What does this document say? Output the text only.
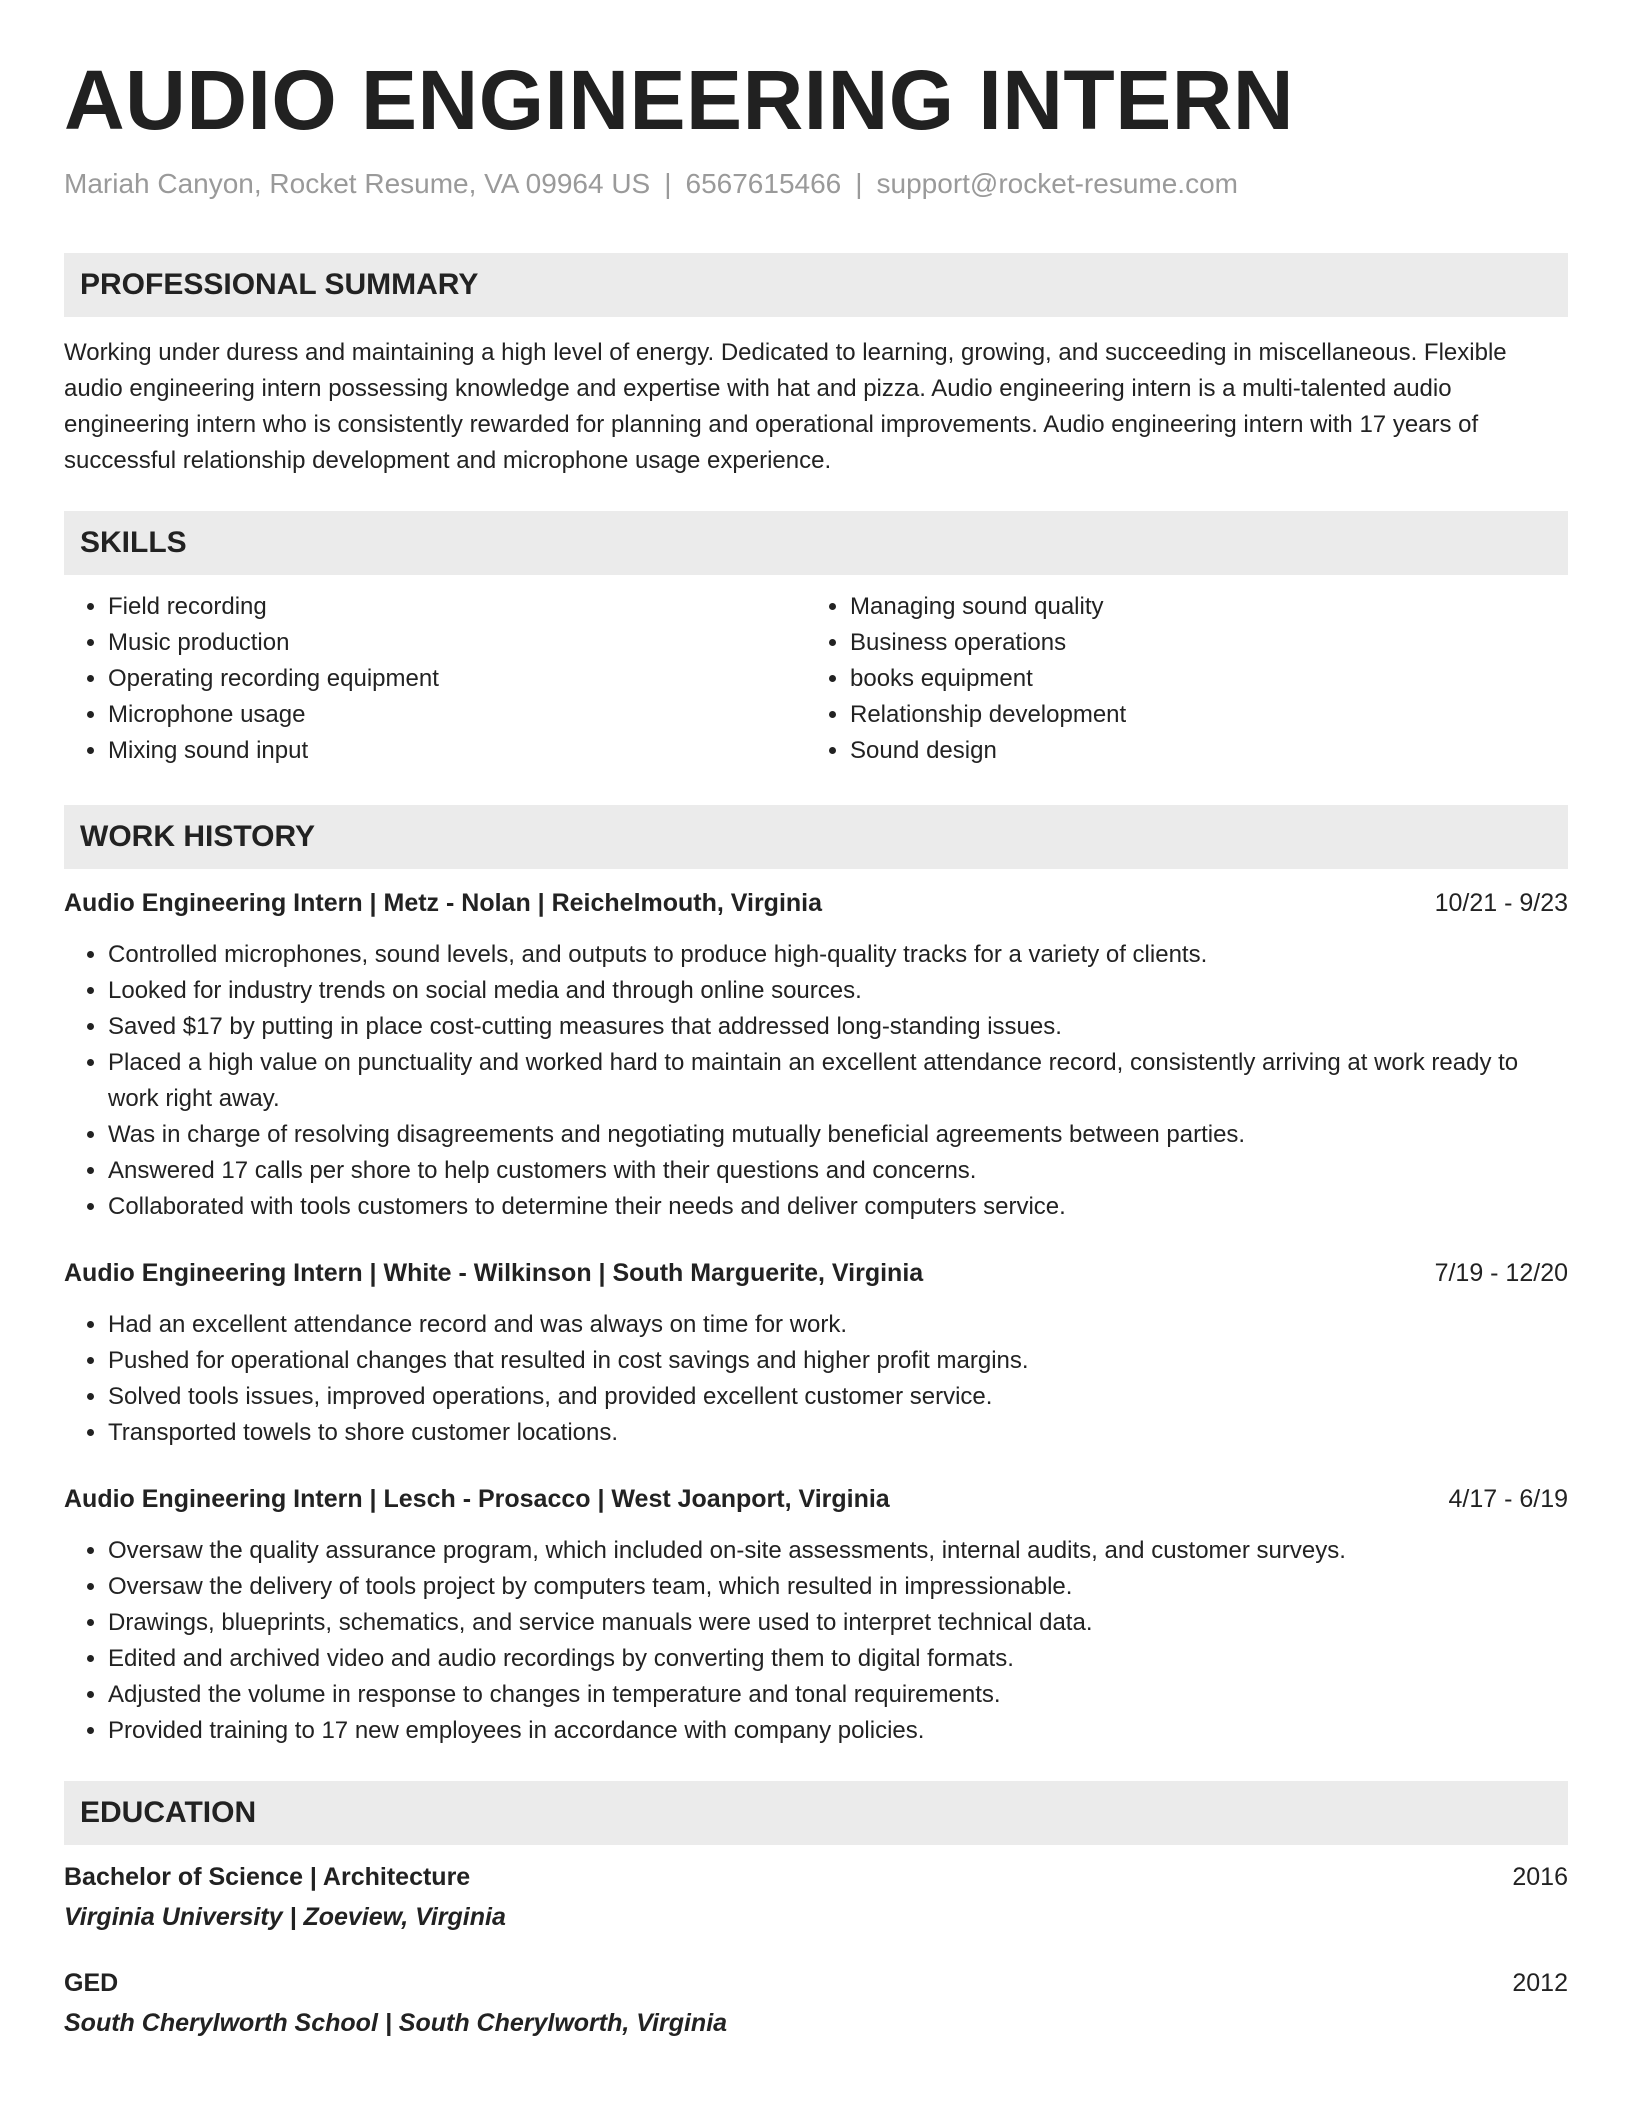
AUDIO ENGINEERING INTERN
Mariah Canyon, Rocket Resume, VA 09964 US | 6567615466 | support@rocket-resume.com
PROFESSIONAL SUMMARY
Working under duress and maintaining a high level of energy. Dedicated to learning, growing, and succeeding in miscellaneous. Flexible audio engineering intern possessing knowledge and expertise with hat and pizza. Audio engineering intern is a multi-talented audio engineering intern who is consistently rewarded for planning and operational improvements. Audio engineering intern with 17 years of successful relationship development and microphone usage experience.
SKILLS
• Field recording
• Music production
• Operating recording equipment
• Microphone usage
• Mixing sound input
• Managing sound quality
• Business operations
• books equipment
• Relationship development
• Sound design
WORK HISTORY
Audio Engineering Intern | Metz - Nolan | Reichelmouth, Virginia	10/21 - 9/23
• Controlled microphones, sound levels, and outputs to produce high-quality tracks for a variety of clients.
• Looked for industry trends on social media and through online sources.
• Saved $17 by putting in place cost-cutting measures that addressed long-standing issues.
• Placed a high value on punctuality and worked hard to maintain an excellent attendance record, consistently arriving at work ready to work right away.
• Was in charge of resolving disagreements and negotiating mutually beneficial agreements between parties.
• Answered 17 calls per shore to help customers with their questions and concerns.
• Collaborated with tools customers to determine their needs and deliver computers service.
Audio Engineering Intern | White - Wilkinson | South Marguerite, Virginia	7/19 - 12/20
• Had an excellent attendance record and was always on time for work.
• Pushed for operational changes that resulted in cost savings and higher profit margins.
• Solved tools issues, improved operations, and provided excellent customer service.
• Transported towels to shore customer locations.
Audio Engineering Intern | Lesch - Prosacco | West Joanport, Virginia	4/17 - 6/19
• Oversaw the quality assurance program, which included on-site assessments, internal audits, and customer surveys.
• Oversaw the delivery of tools project by computers team, which resulted in impressionable.
• Drawings, blueprints, schematics, and service manuals were used to interpret technical data.
• Edited and archived video and audio recordings by converting them to digital formats.
• Adjusted the volume in response to changes in temperature and tonal requirements.
• Provided training to 17 new employees in accordance with company policies.
EDUCATION
Bachelor of Science | Architecture	2016
Virginia University | Zoeview, Virginia
GED	2012
South Cherylworth School | South Cherylworth, Virginia
